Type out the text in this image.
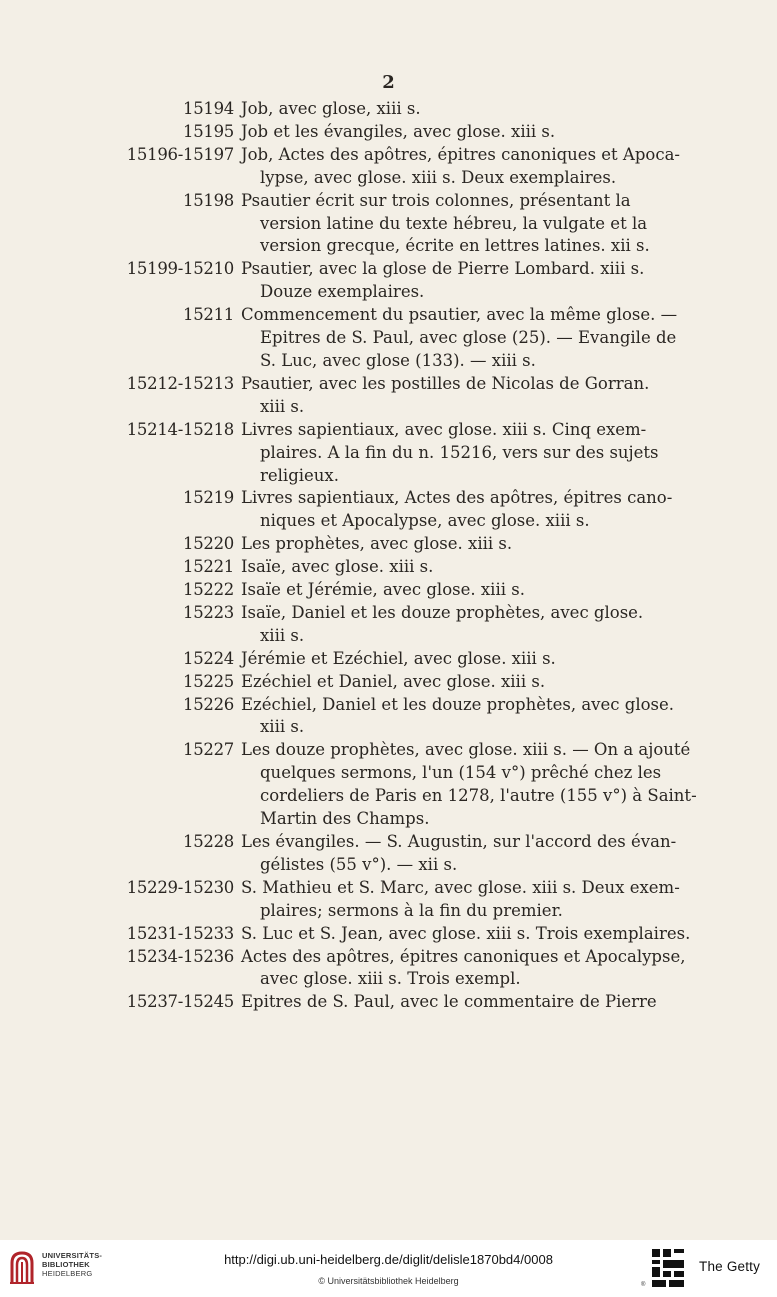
2
15194 Job, avec glose, xiii s.
15195 Job et les évangiles, avec glose. xiii s.
15196-15197 Job, Actes des apôtres, épitres canoniques et Apoca-
lypse, avec glose. xiii s. Deux exemplaires.
15198 Psautier écrit sur trois colonnes, présentant la
version latine du texte hébreu, la vulgate et la
version grecque, écrite en lettres latines. xii s.
15199-15210 Psautier, avec la glose de Pierre Lombard. xiii s.
Douze exemplaires.
15211 Commencement du psautier, avec la même glose. —
Epitres de S. Paul, avec glose (25). — Evangile de
S. Luc, avec glose (133). — xiii s.
15212-15213 Psautier, avec les postilles de Nicolas de Gorran.
xiii s.
15214-15218 Livres sapientiaux, avec glose. xiii s. Cinq exem-
plaires. A la fin du n. 15216, vers sur des sujets
religieux.
15219 Livres sapientiaux, Actes des apôtres, épitres cano-
niques et Apocalypse, avec glose. xiii s.
15220 Les prophètes, avec glose. xiii s.
15221 Isaïe, avec glose. xiii s.
15222 Isaïe et Jérémie, avec glose. xiii s.
15223 Isaïe, Daniel et les douze prophètes, avec glose.
xiii s.
15224 Jérémie et Ezéchiel, avec glose. xiii s.
15225 Ezéchiel et Daniel, avec glose. xiii s.
15226 Ezéchiel, Daniel et les douze prophètes, avec glose.
xiii s.
15227 Les douze prophètes, avec glose. xiii s. — On a ajouté
quelques sermons, l'un (154 v°) prêché chez les
cordeliers de Paris en 1278, l'autre (155 v°) à Saint-
Martin des Champs.
15228 Les évangiles. — S. Augustin, sur l'accord des évan-
gélistes (55 v°). — xii s.
15229-15230 S. Mathieu et S. Marc, avec glose. xiii s. Deux exem-
plaires; sermons à la fin du premier.
15231-15233 S. Luc et S. Jean, avec glose. xiii s. Trois exemplaires.
15234-15236 Actes des apôtres, épitres canoniques et Apocalypse,
avec glose. xiii s. Trois exempl.
15237-15245 Epitres de S. Paul, avec le commentaire de Pierre
UNIVERSITÄTS-
BIBLIOTHEK
HEIDELBERG
http://digi.ub.uni-heidelberg.de/diglit/delisle1870bd4/0008
© Universitätsbibliothek Heidelberg	®
The Getty
